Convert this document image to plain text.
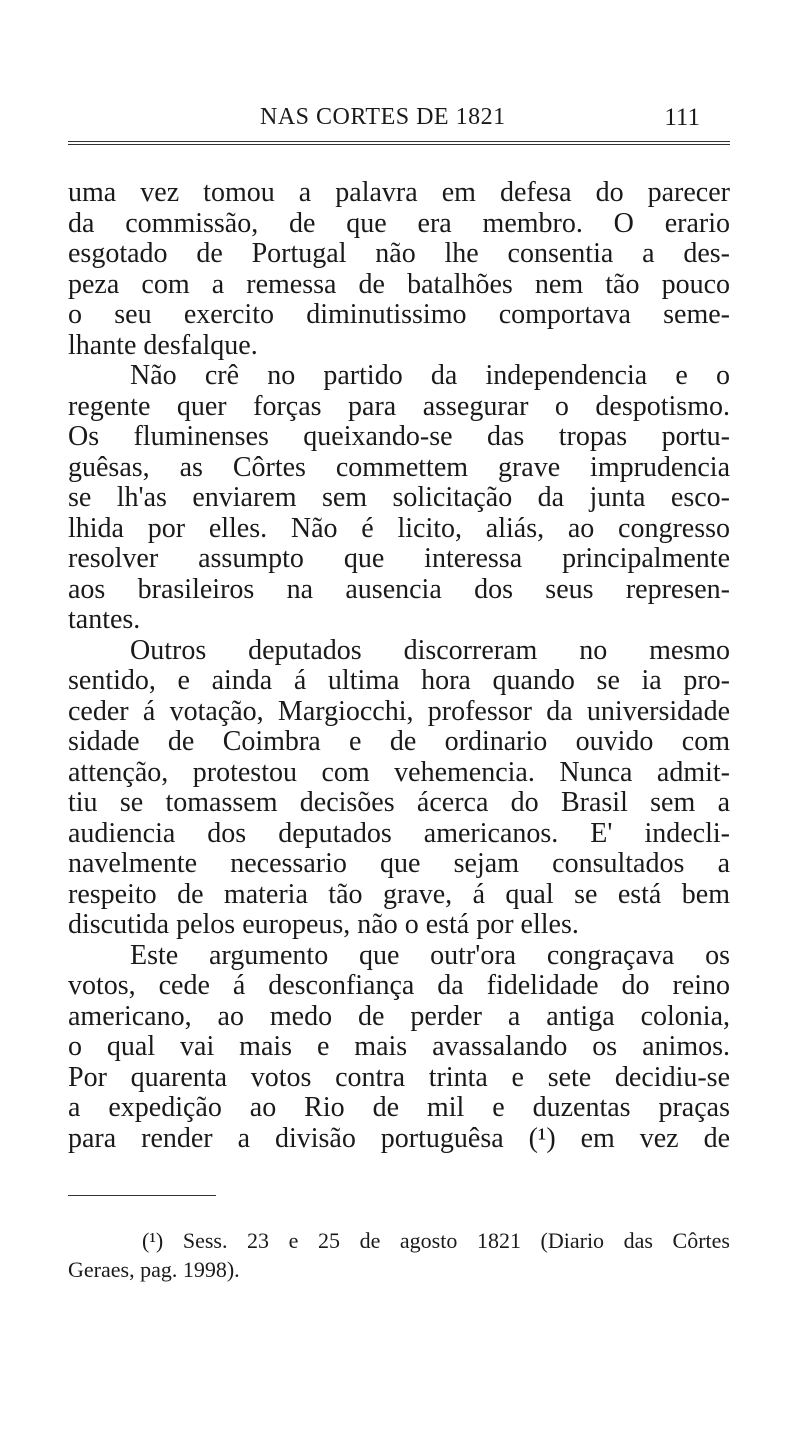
NAS CORTES DE 1821	111
uma vez tomou a palavra em defesa do parecer
da commissão, de que era membro. O erario
esgotado de Portugal não lhe consentia a des-
peza com a remessa de batalhões nem tão pouco
o seu exercito diminutissimo comportava seme-
lhante desfalque.
Não crê no partido da independencia e o
regente quer forças para assegurar o despotismo.
Os fluminenses queixando-se das tropas portu-
guêsas, as Côrtes commettem grave imprudencia
se lh'as enviarem sem solicitação da junta esco-
lhida por elles. Não é licito, aliás, ao congresso
resolver assumpto que interessa principalmente
aos brasileiros na ausencia dos seus represen-
tantes.
Outros deputados discorreram no mesmo
sentido, e ainda á ultima hora quando se ia pro-
ceder á votação, Margiocchi, professor da universidade
sidade de Coimbra e de ordinario ouvido com
attenção, protestou com vehemencia. Nunca admit-
tiu se tomassem decisões ácerca do Brasil sem a
audiencia dos deputados americanos. E' indecli-
navelmente necessario que sejam consultados a
respeito de materia tão grave, á qual se está bem
discutida pelos europeus, não o está por elles.
Este argumento que outr'ora congraçava os
votos, cede á desconfiança da fidelidade do reino
americano, ao medo de perder a antiga colonia,
o qual vai mais e mais avassalando os animos.
Por quarenta votos contra trinta e sete decidiu-se
a expedição ao Rio de mil e duzentas praças
para render a divisão portuguêsa (¹) em vez de
(¹) Sess. 23 e 25 de agosto 1821 (Diario das Côrtes
Geraes, pag. 1998).
